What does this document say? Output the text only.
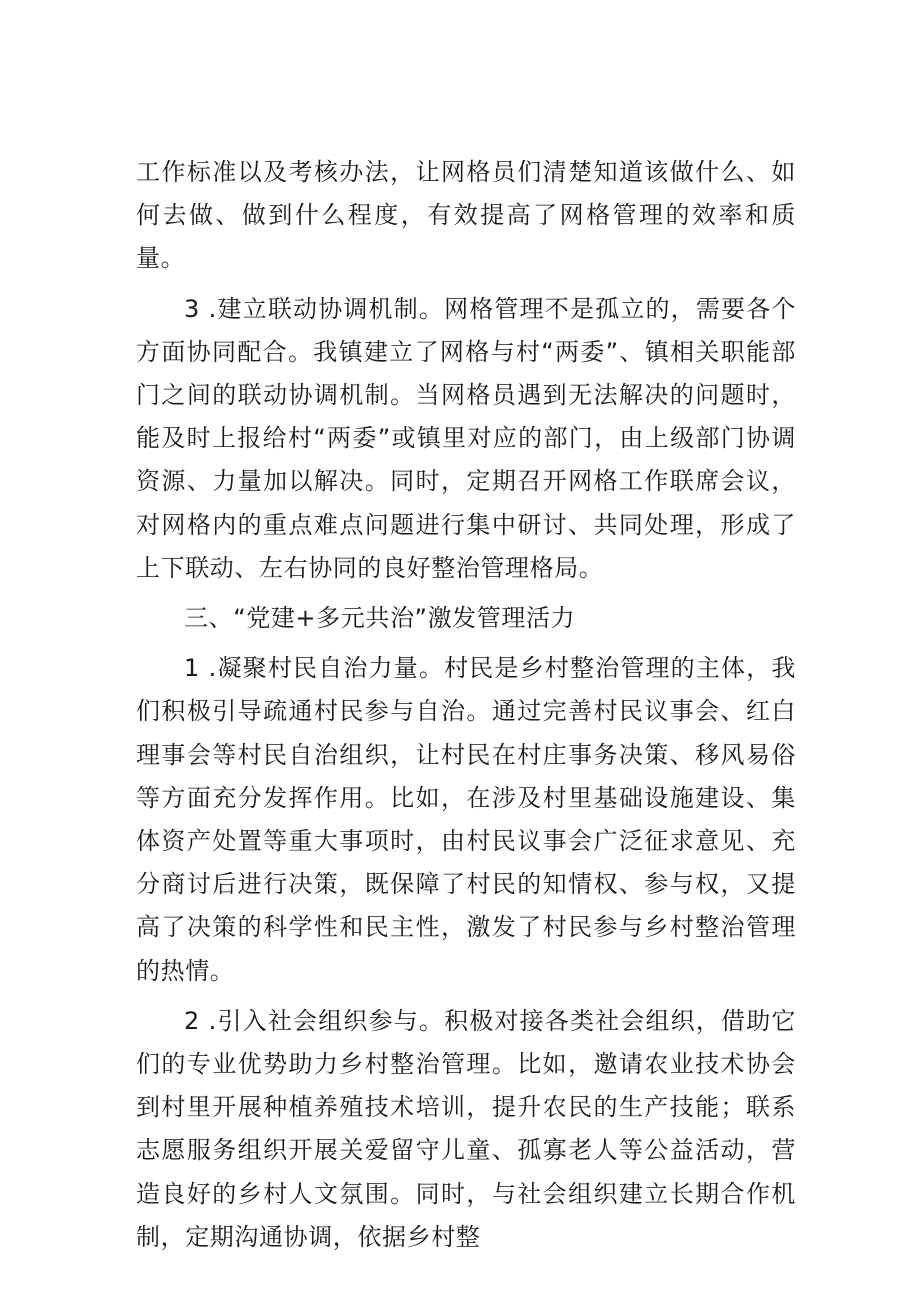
工作标准以及考核办法，让网格员们清楚知道该做什么、如何去做、做到什么程度，有效提高了网格管理的效率和质量。

3 .建立联动协调机制。网格管理不是孤立的，需要各个方面协同配合。我镇建立了网格与村“两委”、镇相关职能部门之间的联动协调机制。当网格员遇到无法解决的问题时，能及时上报给村“两委”或镇里对应的部门，由上级部门协调资源、力量加以解决。同时，定期召开网格工作联席会议，对网格内的重点难点问题进行集中研讨、共同处理，形成了上下联动、左右协同的良好整治管理格局。

三、“党建+多元共治”激发管理活力

1 .凝聚村民自治力量。村民是乡村整治管理的主体，我们积极引导疏通村民参与自治。通过完善村民议事会、红白理事会等村民自治组织，让村民在村庄事务决策、移风易俗等方面充分发挥作用。比如，在涉及村里基础设施建设、集体资产处置等重大事项时，由村民议事会广泛征求意见、充分商讨后进行决策，既保障了村民的知情权、参与权，又提高了决策的科学性和民主性，激发了村民参与乡村整治管理的热情。

2 .引入社会组织参与。积极对接各类社会组织，借助它们的专业优势助力乡村整治管理。比如，邀请农业技术协会到村里开展种植养殖技术培训，提升农民的生产技能；联系志愿服务组织开展关爱留守儿童、孤寡老人等公益活动，营造良好的乡村人文氛围。同时，与社会组织建立长期合作机制，定期沟通协调，依据乡村整
